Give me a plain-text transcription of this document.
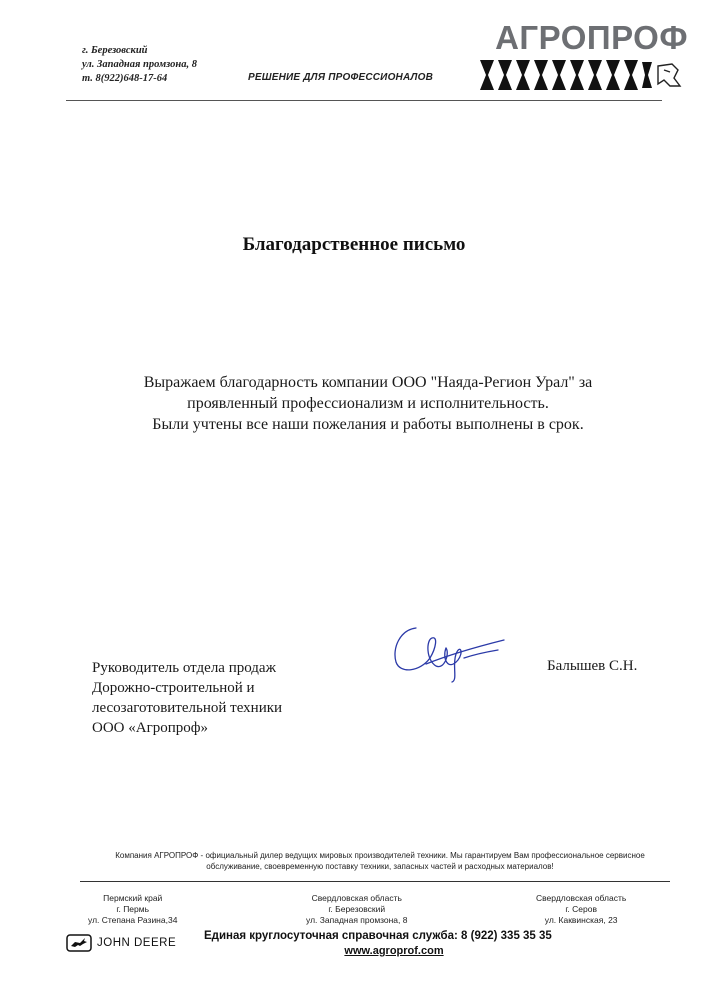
г. Березовский
ул. Западная промзона, 8
т. 8(922)648-17-64	РЕШЕНИЕ ДЛЯ ПРОФЕССИОНАЛОВ
АГРОПРОФ
Благодарственное письмо
Выражаем благодарность компании ООО "Наяда-Регион Урал" за
проявленный профессионализм и исполнительность.
Были учтены все наши пожелания и работы выполнены в срок.
Руководитель отдела продаж
Дорожно-строительной и
лесозаготовительной техники
ООО «Агропроф»
Балышев С.Н.
Компания АГРОПРОФ - официальный дилер ведущих мировых производителей техники. Мы гарантируем Вам профессиональное сервисное
обслуживание, своевременную поставку техники, запасных частей и расходных материалов!
Пермский край
г. Пермь
ул. Степана Разина,34
Свердловская область
г. Березовский
ул. Западная промзона, 8
Свердловская область
г. Серов
ул. Каквинская, 23
JOHN DEERE
Единая круглосуточная справочная служба: 8 (922) 335 35 35
www.agroprof.com
